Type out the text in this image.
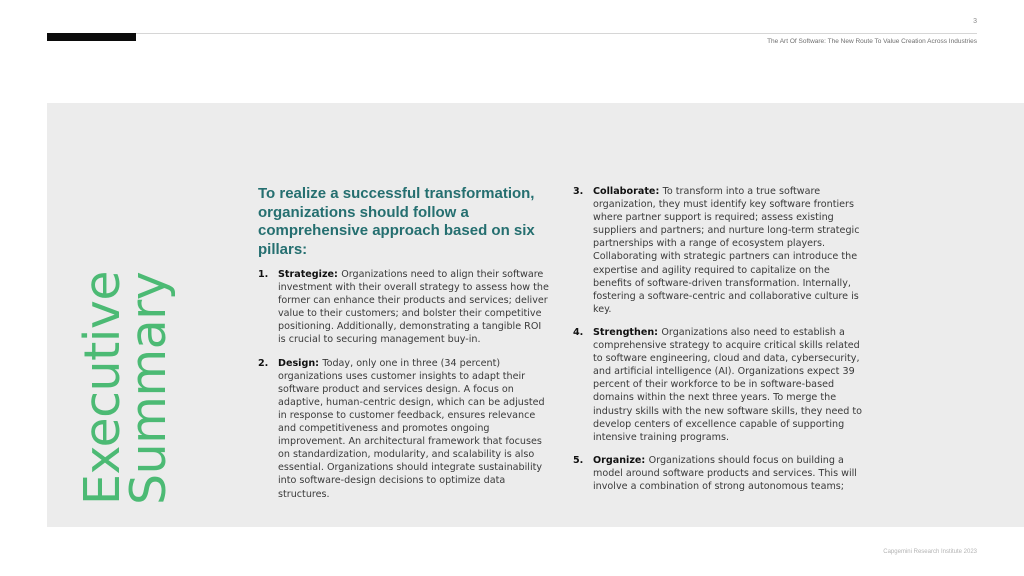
3
The Art Of Software: The New Route To Value Creation Across Industries
Executive
Summary
To realize a successful transformation, organizations should follow a comprehensive approach based on six pillars:
1. Strategize: Organizations need to align their software investment with their overall strategy to assess how the former can enhance their products and services; deliver value to their customers; and bolster their competitive positioning. Additionally, demonstrating a tangible ROI is crucial to securing management buy-in.
2. Design: Today, only one in three (34 percent) organizations uses customer insights to adapt their software product and services design. A focus on adaptive, human-centric design, which can be adjusted in response to customer feedback, ensures relevance and competitiveness and promotes ongoing improvement. An architectural framework that focuses on standardization, modularity, and scalability is also essential. Organizations should integrate sustainability into software-design decisions to optimize data structures.
3. Collaborate: To transform into a true software organization, they must identify key software frontiers where partner support is required; assess existing suppliers and partners; and nurture long-term strategic partnerships with a range of ecosystem players. Collaborating with strategic partners can introduce the expertise and agility required to capitalize on the benefits of software-driven transformation. Internally, fostering a software-centric and collaborative culture is key.
4. Strengthen: Organizations also need to establish a comprehensive strategy to acquire critical skills related to software engineering, cloud and data, cybersecurity, and artificial intelligence (AI). Organizations expect 39 percent of their workforce to be in software-based domains within the next three years. To merge the industry skills with the new software skills, they need to develop centers of excellence capable of supporting intensive training programs.
5. Organize: Organizations should focus on building a model around software products and services. This will involve a combination of strong autonomous teams;
Capgemini Research Institute 2023
